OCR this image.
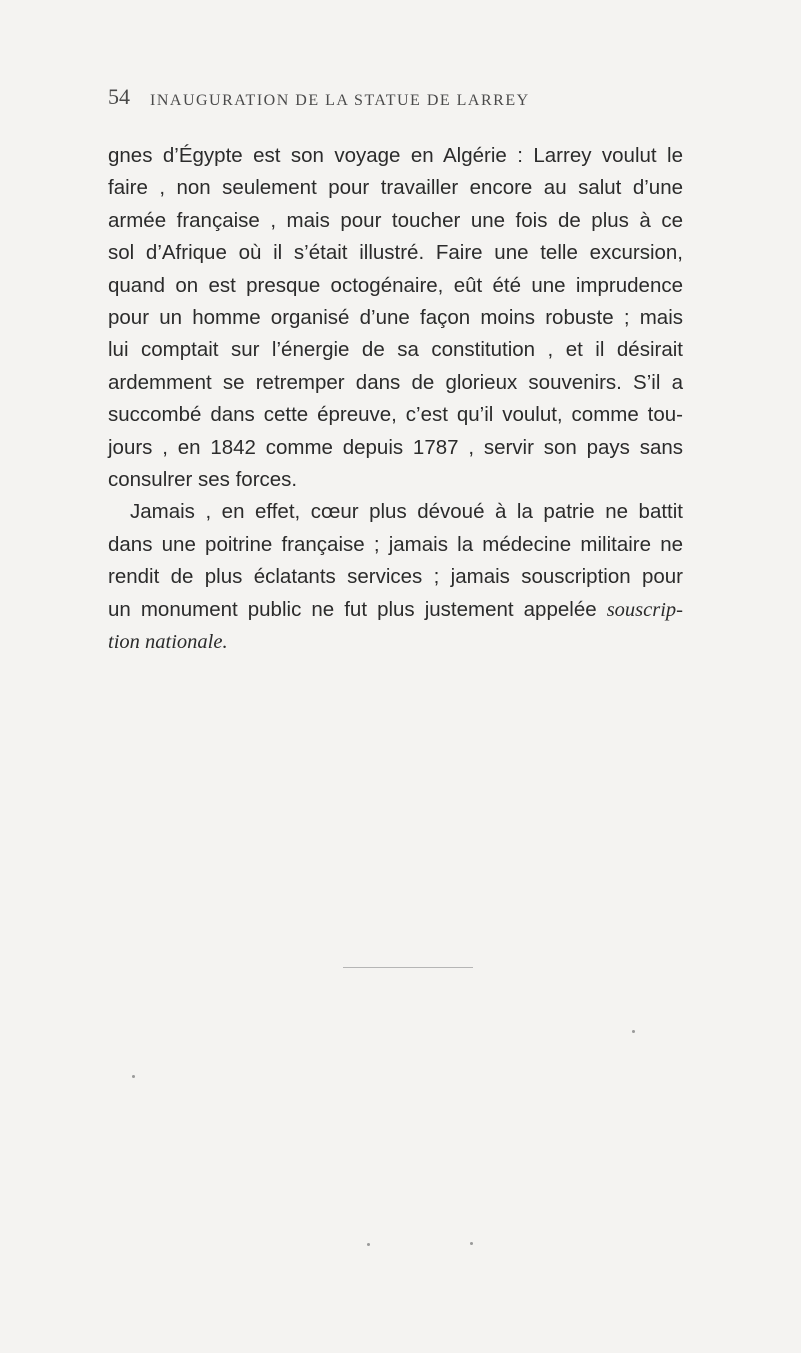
54 INAUGURATION DE LA STATUE DE LARREY

gnes d’Égypte est son voyage en Algérie : Larrey voulut le
faire , non seulement pour travailler encore au salut d’une
armée française , mais pour toucher une fois de plus à ce
sol d’Afrique où il s’était illustré. Faire une telle excursion,
quand on est presque octogénaire, eût été une imprudence
pour un homme organisé d’une façon moins robuste ; mais
lui comptait sur l’énergie de sa constitution , et il désirait
ardemment se retremper dans de glorieux souvenirs. S’il a
succombé dans cette épreuve, c’est qu’il voulut, comme tou-
jours , en 1842 comme depuis 1787 , servir son pays sans
consulrer ses forces.

Jamais , en effet, cœur plus dévoué à la patrie ne battit
dans une poitrine française ; jamais la médecine militaire ne
rendit de plus éclatants services ; jamais souscription pour
un monument public ne fut plus justement appelée souscrip-
tion nationale.
